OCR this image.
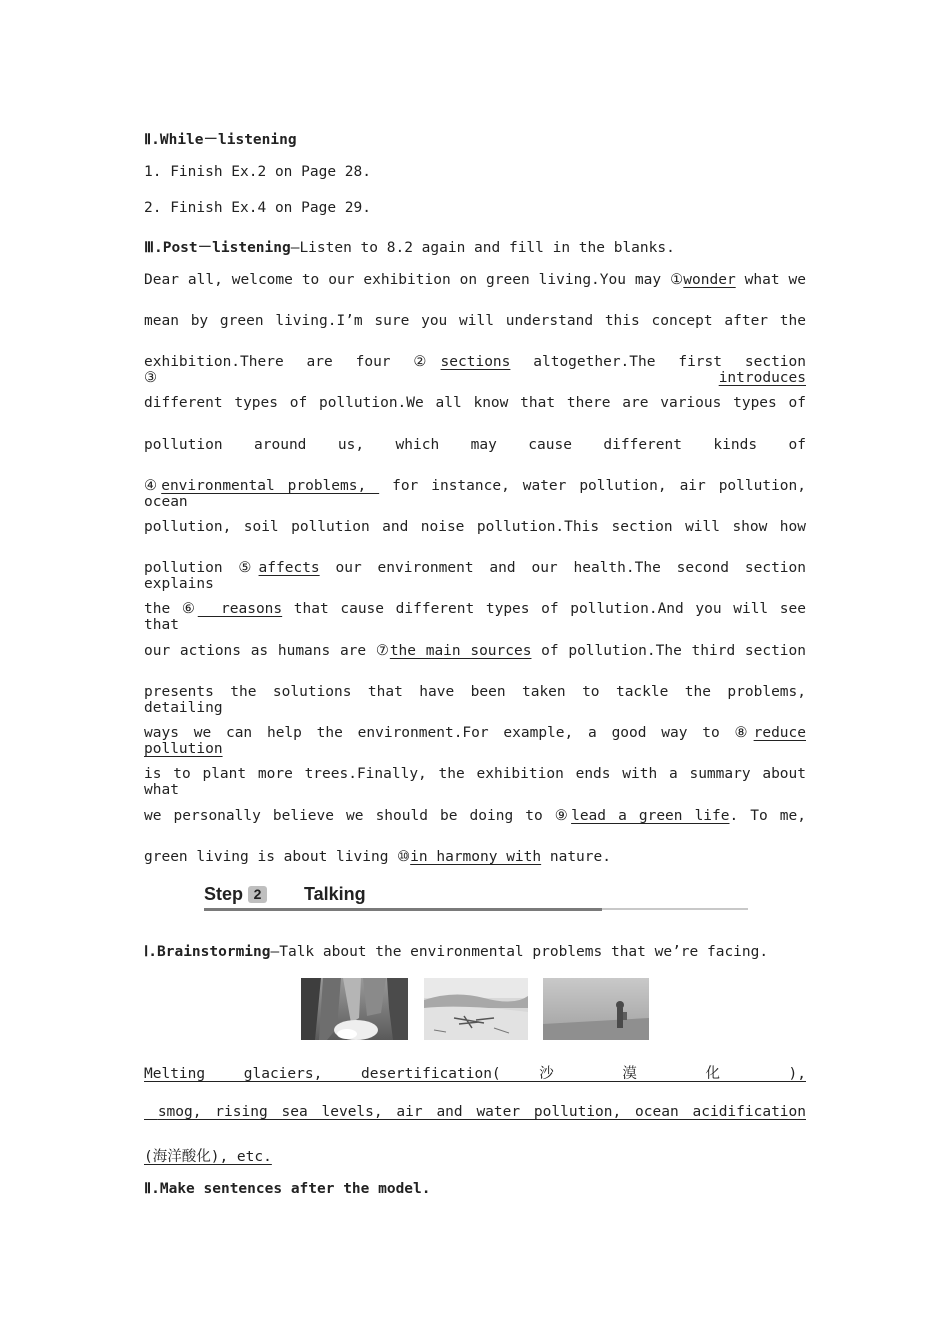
Ⅱ.While－listening
1. Finish Ex.2 on Page 28.
2. Finish Ex.4 on Page 29.
Ⅲ.Post－listening—Listen to 8.2 again and fill in the blanks.
Dear all, welcome to our exhibition on green living.You may ①wonder what we
mean by green living.I’m sure you will understand this concept after the
exhibition.There are four ②sections altogether.The first section ③introduces
different types of pollution.We all know that there are various types of
pollution around us, which may cause different kinds of
④environmental problems,  for instance, water pollution, air pollution, ocean
pollution, soil pollution and noise pollution.This section will show how
pollution ⑤affects our environment and our health.The second section explains
the ⑥  reasons that cause different types of pollution.And you will see that
our actions as humans are ⑦the main sources of pollution.The third section
presents the solutions that have been taken to tackle the problems, detailing
ways we can help the environment.For example, a good way to ⑧reduce pollution
is to plant more trees.Finally, the exhibition ends with a summary about what
we personally believe we should be doing to ⑨lead a green life. To me,
green living is about living ⑩in harmony with nature.
Step 2	Talking
Ⅰ.Brainstorming—Talk about the environmental problems that we’re facing.
Melting glaciers, desertification( 沙 漠 化 ),
smog, rising sea levels, air and water pollution, ocean acidification
(海洋酸化), etc.
Ⅱ.Make sentences after the model.
